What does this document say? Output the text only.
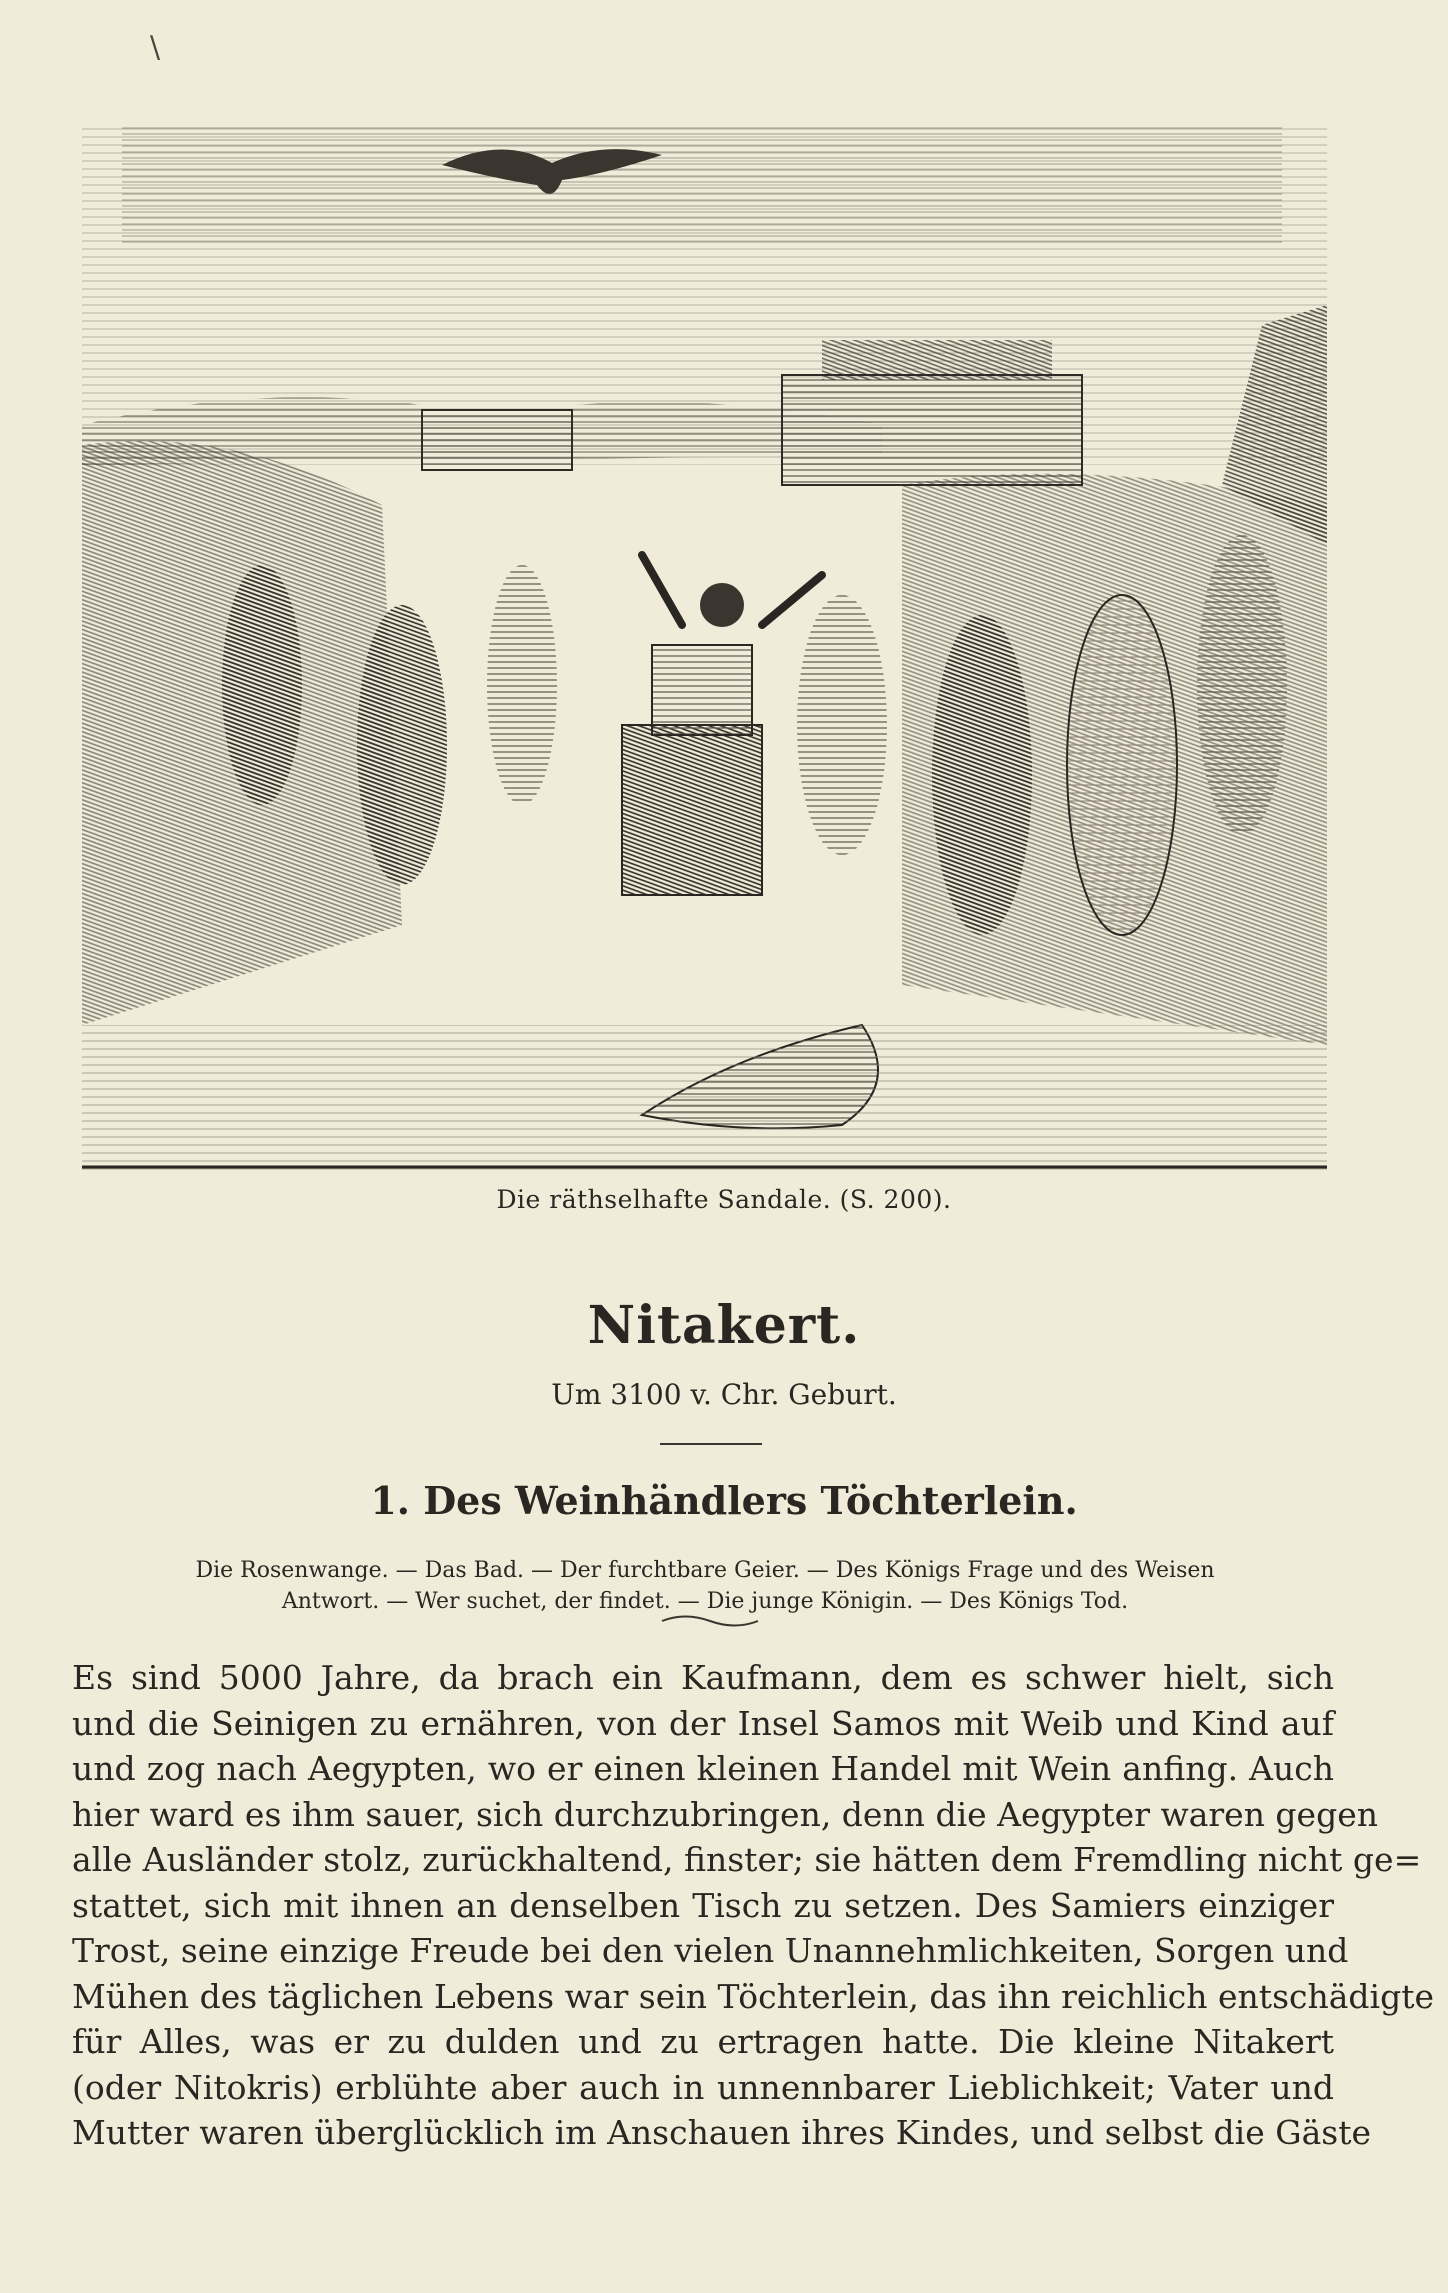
\
Die räthselhafte Sandale. (S. 200).
Nitakert.
Um 3100 v. Chr. Geburt.
1. Des Weinhändlers Töchterlein.
Die Rosenwange. — Das Bad. — Der furchtbare Geier. — Des Königs Frage und des Weisen
Antwort. — Wer suchet, der findet. — Die junge Königin. — Des Königs Tod.
Es sind 5000 Jahre, da brach ein Kaufmann, dem es schwer hielt, sich
und die Seinigen zu ernähren, von der Insel Samos mit Weib und Kind auf
und zog nach Aegypten, wo er einen kleinen Handel mit Wein anfing. Auch
hier ward es ihm sauer, sich durchzubringen, denn die Aegypter waren gegen
alle Ausländer stolz, zurückhaltend, finster; sie hätten dem Fremdling nicht ge=
stattet, sich mit ihnen an denselben Tisch zu setzen. Des Samiers einziger
Trost, seine einzige Freude bei den vielen Unannehmlichkeiten, Sorgen und
Mühen des täglichen Lebens war sein Töchterlein, das ihn reichlich entschädigte
für Alles, was er zu dulden und zu ertragen hatte. Die kleine Nitakert
(oder Nitokris) erblühte aber auch in unnennbarer Lieblichkeit; Vater und
Mutter waren überglücklich im Anschauen ihres Kindes, und selbst die Gäste
